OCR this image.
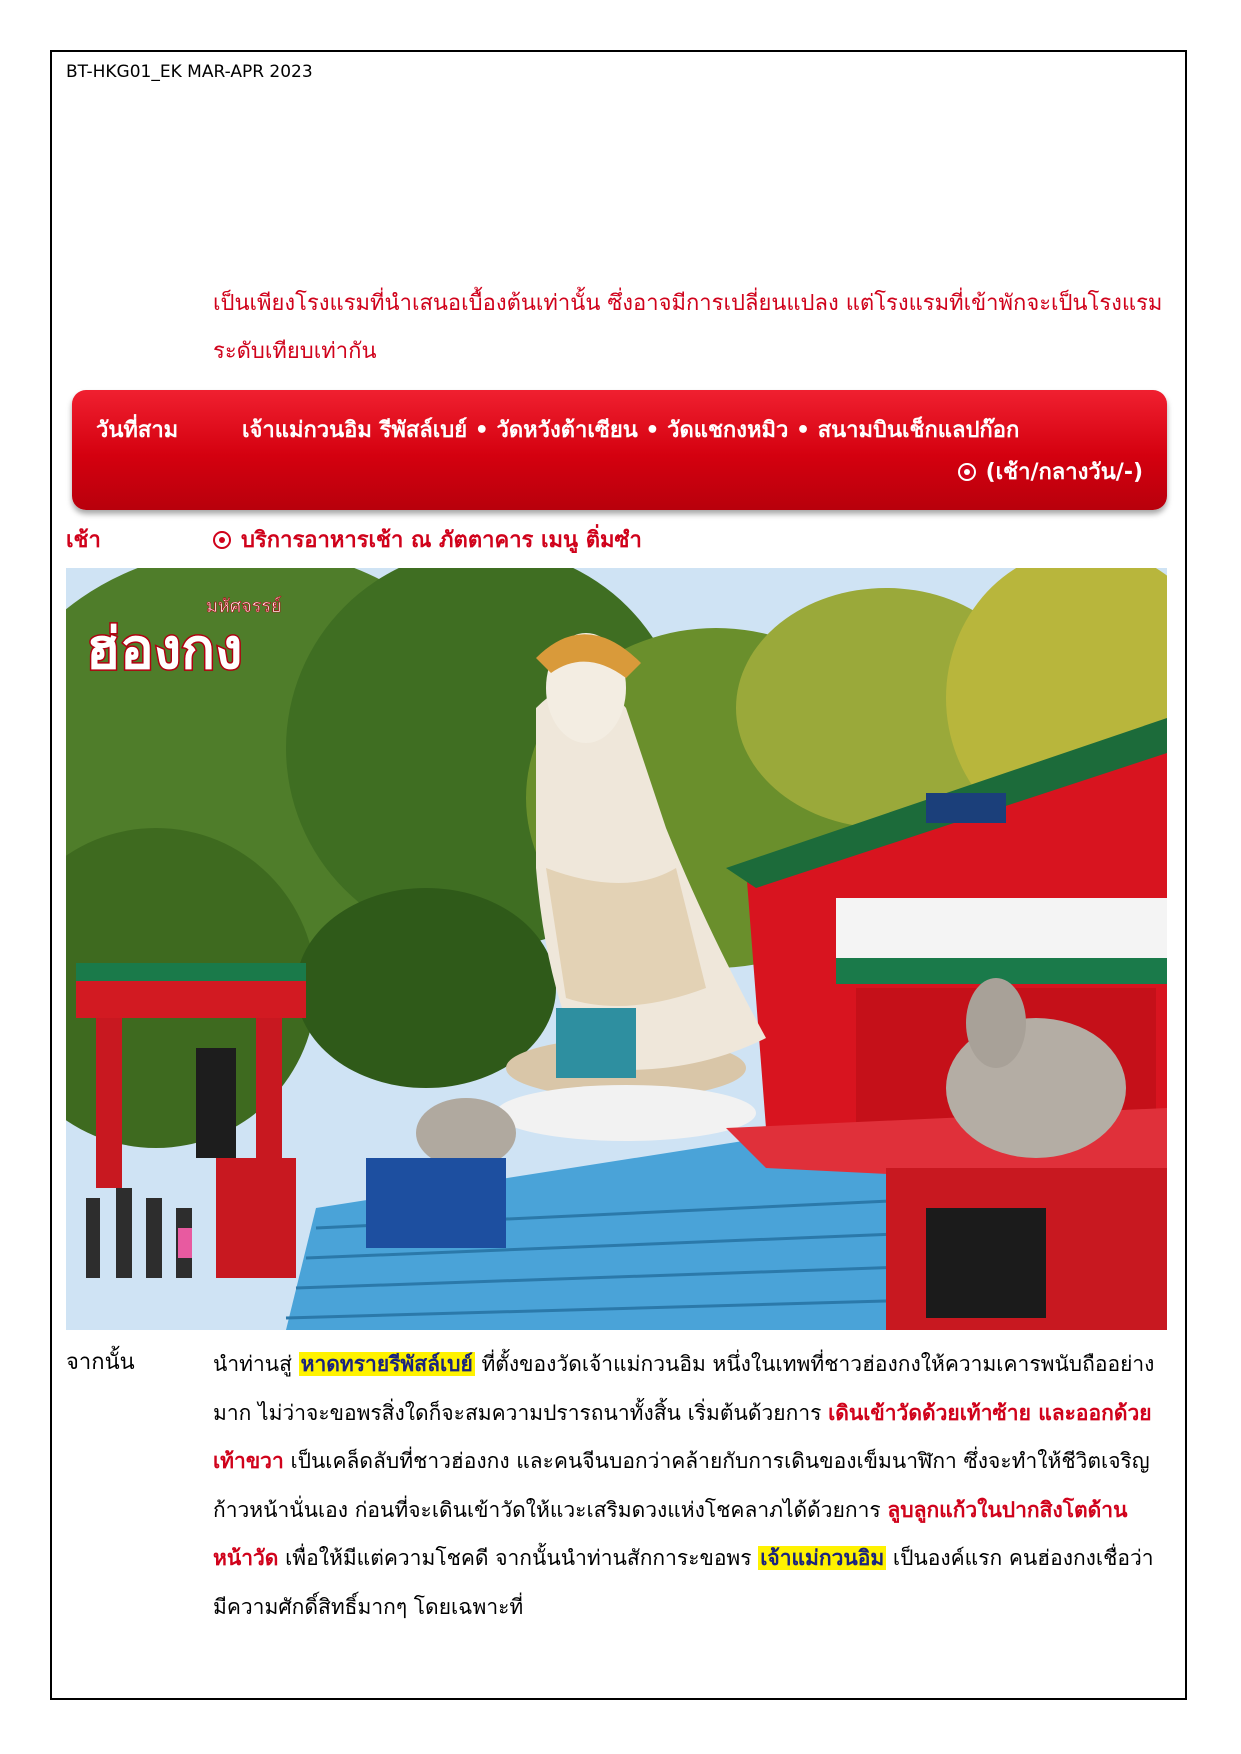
BT-HKG01_EK MAR-APR 2023
เป็นเพียงโรงแรมที่นำเสนอเบื้องต้นเท่านั้น ซึ่งอาจมีการเปลี่ยนแปลง แต่โรงแรมที่เข้าพักจะเป็นโรงแรมระดับเทียบเท่ากัน
วันที่สาม	เจ้าแม่กวนอิม รีพัสล์เบย์ • วัดหวังต้าเซียน • วัดแชกงหมิว • สนามบินเช็กแลปก๊อก
(เช้า/กลางวัน/-)
เช้า	บริการอาหารเช้า ณ ภัตตาคาร เมนู ติ่มซำ
มหัศจรรย์
ฮ่องกง
จากนั้น	นำท่านสู่ หาดทรายรีพัสล์เบย์ ที่ตั้งของวัดเจ้าแม่กวนอิม หนึ่งในเทพที่ชาวฮ่องกงให้ความเคารพนับถืออย่างมาก ไม่ว่าจะขอพรสิ่งใดก็จะสมความปรารถนาทั้งสิ้น เริ่มต้นด้วยการ เดินเข้าวัดด้วยเท้าซ้าย และออกด้วยเท้าขวา เป็นเคล็ดลับที่ชาวฮ่องกง และคนจีนบอกว่าคล้ายกับการเดินของเข็มนาฬิกา ซึ่งจะทำให้ชีวิตเจริญก้าวหน้านั่นเอง ก่อนที่จะเดินเข้าวัดให้แวะเสริมดวงแห่งโชคลาภได้ด้วยการ ลูบลูกแก้วในปากสิงโตด้านหน้าวัด เพื่อให้มีแต่ความโชคดี จากนั้นนำท่านสักการะขอพร เจ้าแม่กวนอิม เป็นองค์แรก คนฮ่องกงเชื่อว่ามีความศักดิ์สิทธิ์มากๆ โดยเฉพาะที่
